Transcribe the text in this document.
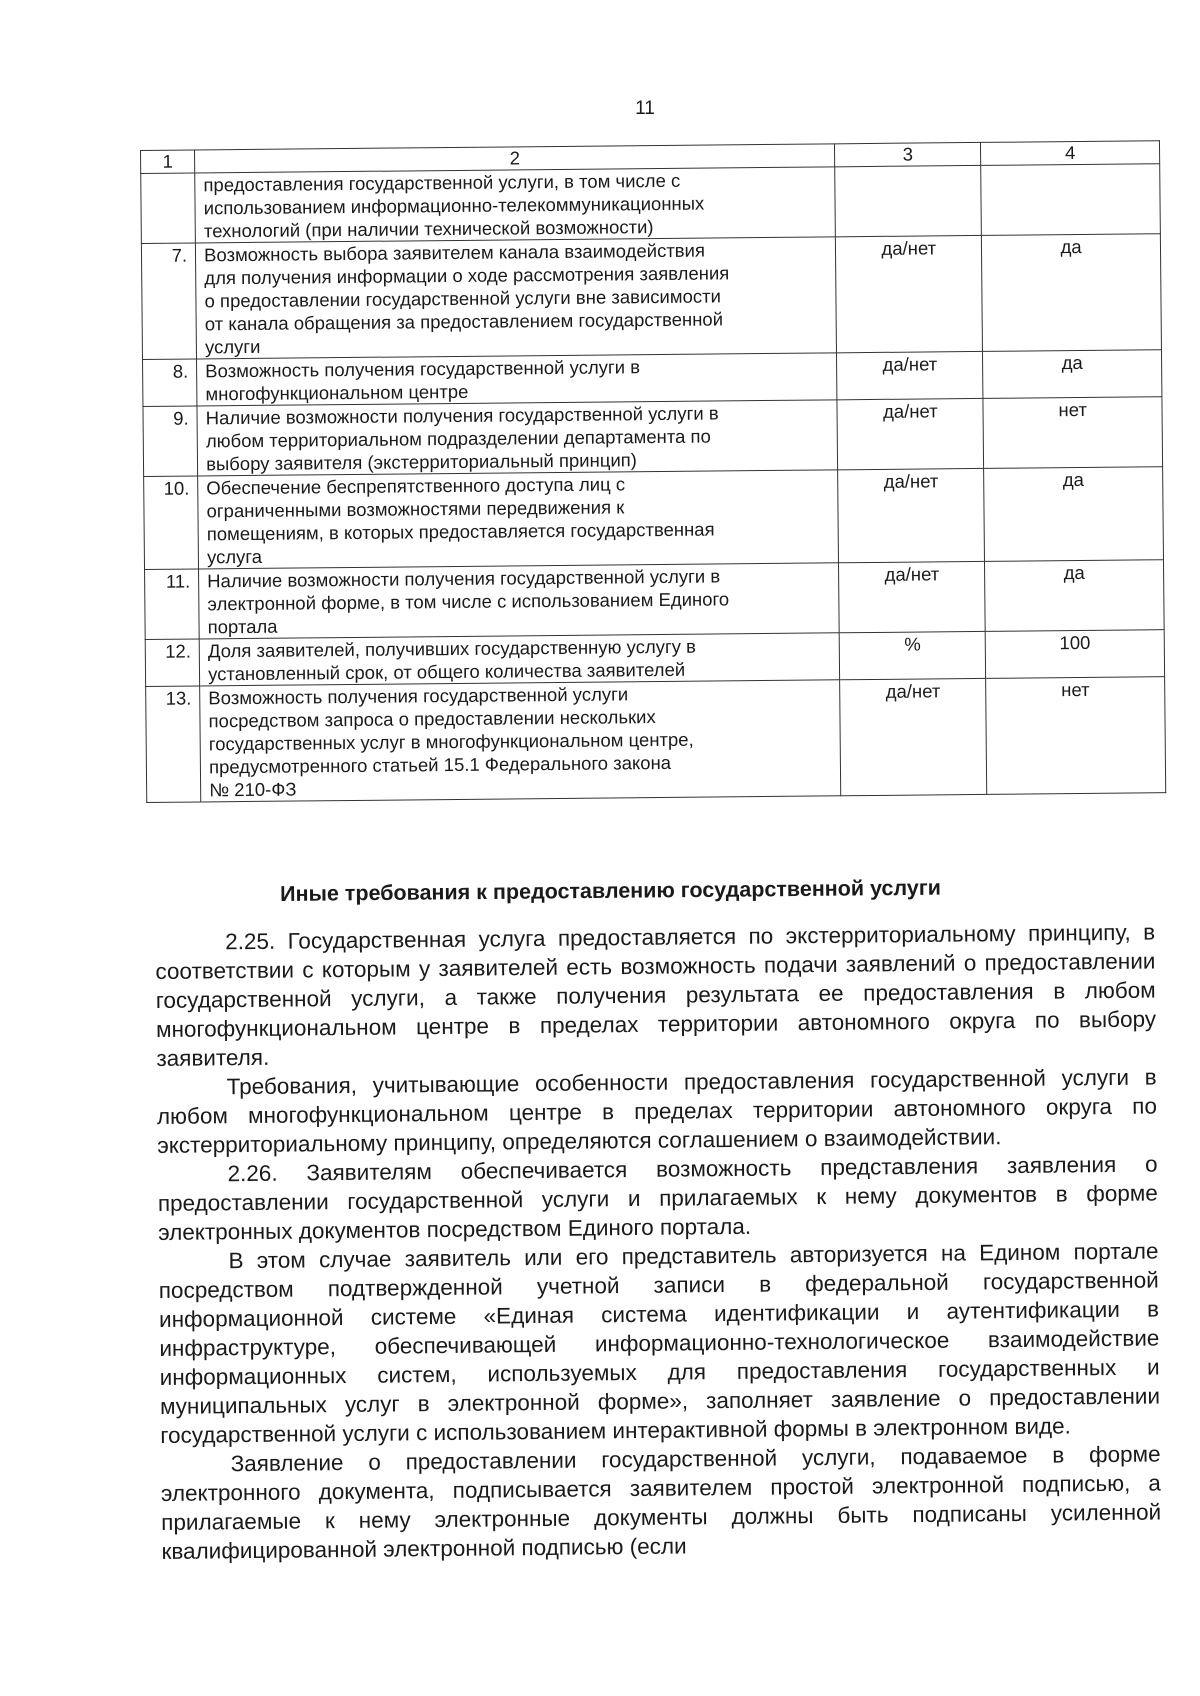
11
1	2	3	4

	предоставления государственной услуги, в том числе с
использованием информационно-телекоммуникационных
технологий (при наличии технической возможности)		

7.	Возможность выбора заявителем канала взаимодействия
для получения информации о ходе рассмотрения заявления
о предоставлении государственной услуги вне зависимости
от канала обращения за предоставлением государственной
услуги	да/нет	да
8.	Возможность получения государственной услуги в
многофункциональном центре	да/нет	да
9.	Наличие возможности получения государственной услуги в
любом территориальном подразделении департамента по
выбору заявителя (экстерриториальный принцип)	да/нет	нет
10.	Обеспечение беспрепятственного доступа лиц с
ограниченными возможностями передвижения к
помещениям, в которых предоставляется государственная
услуга	да/нет	да
11.	Наличие возможности получения государственной услуги в
электронной форме, в том числе с использованием Единого
портала	да/нет	да
12.	Доля заявителей, получивших государственную услугу в
установленный срок, от общего количества заявителей	%	100
13.	Возможность получения государственной услуги
посредством запроса о предоставлении нескольких
государственных услуг в многофункциональном центре,
предусмотренного статьей 15.1 Федерального закона
№ 210-ФЗ	да/нет	нет
Иные требования к предоставлению государственной услуги

2.25. Государственная услуга предоставляется по экстерриториальному принципу, в соответствии с которым у заявителей есть возможность подачи заявлений о предоставлении государственной услуги, а также получения результата ее предоставления в любом многофункциональном центре в пределах территории автономного округа по выбору заявителя.

Требования, учитывающие особенности предоставления государственной услуги в любом многофункциональном центре в пределах территории автономного округа по экстерриториальному принципу, определяются соглашением о взаимодействии.

2.26. Заявителям обеспечивается возможность представления заявления о предоставлении государственной услуги и прилагаемых к нему документов в форме электронных документов посредством Единого портала.

В этом случае заявитель или его представитель авторизуется на Едином портале посредством подтвержденной учетной записи в федеральной государственной информационной системе «Единая система идентификации и аутентификации в инфраструктуре, обеспечивающей информационно-технологическое взаимодействие информационных систем, используемых для предоставления государственных и муниципальных услуг в электронной форме», заполняет заявление о предоставлении государственной услуги с использованием интерактивной формы в электронном виде.

Заявление о предоставлении государственной услуги, подаваемое в форме электронного документа, подписывается заявителем простой электронной подписью, а прилагаемые к нему электронные документы должны быть подписаны усиленной квалифицированной электронной подписью (если
